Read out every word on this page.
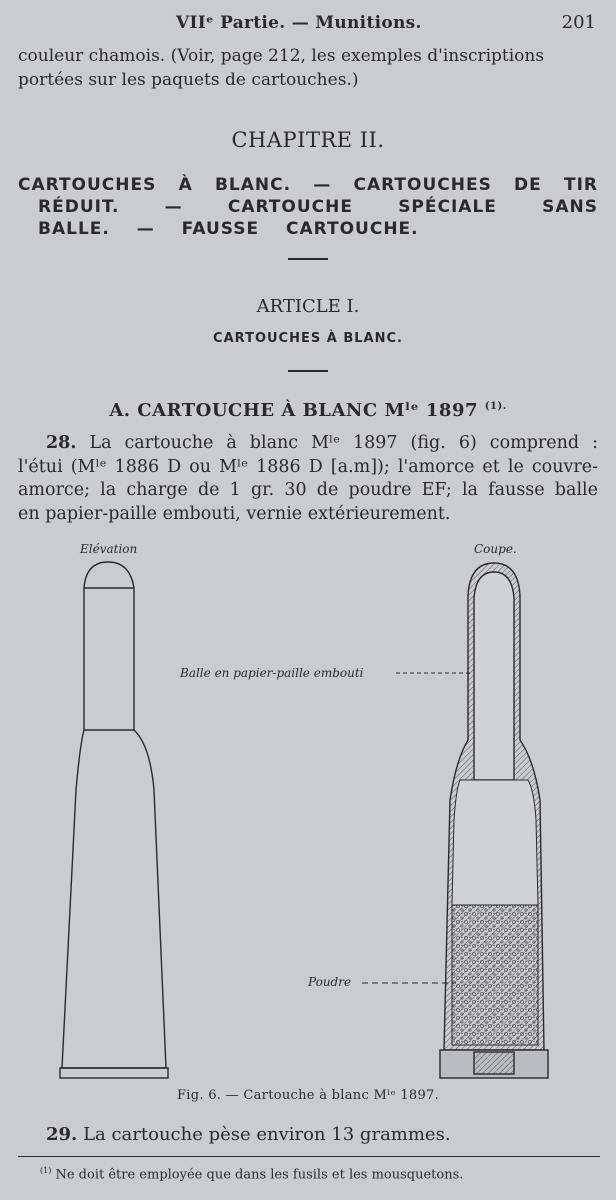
VIIᵉ Partie. — Munitions.	201

couleur chamois. (Voir, page 212, les exemples d'inscriptions

portées sur les paquets de cartouches.)

CHAPITRE II.
CARTOUCHES À BLANC. — CARTOUCHES DE TIR
RÉDUIT. — CARTOUCHE SPÉCIALE SANS
BALLE. — FAUSSE CARTOUCHE.
ARTICLE I.
CARTOUCHES À BLANC.
A. CARTOUCHE À BLANC Mˡᵉ 1897 $^{(1).}$
28. La cartouche à blanc Mˡᵉ 1897 (fig. 6) comprend :
l'étui (Mˡᵉ 1886 D ou Mˡᵉ 1886 D [a.m]); l'amorce et le couvre-
amorce; la charge de 1 gr. 30 de poudre EF; la fausse balle
en papier-paille embouti, vernie extérieurement.
Elévation	Coupe.
Balle en papier-paille embouti
Poudre
Fig. 6. — Cartouche à blanc Mˡᵉ 1897.
29. La cartouche pèse environ 13 grammes.
$^{(1)}$ Ne doit être employée que dans les fusils et les mousquetons.
